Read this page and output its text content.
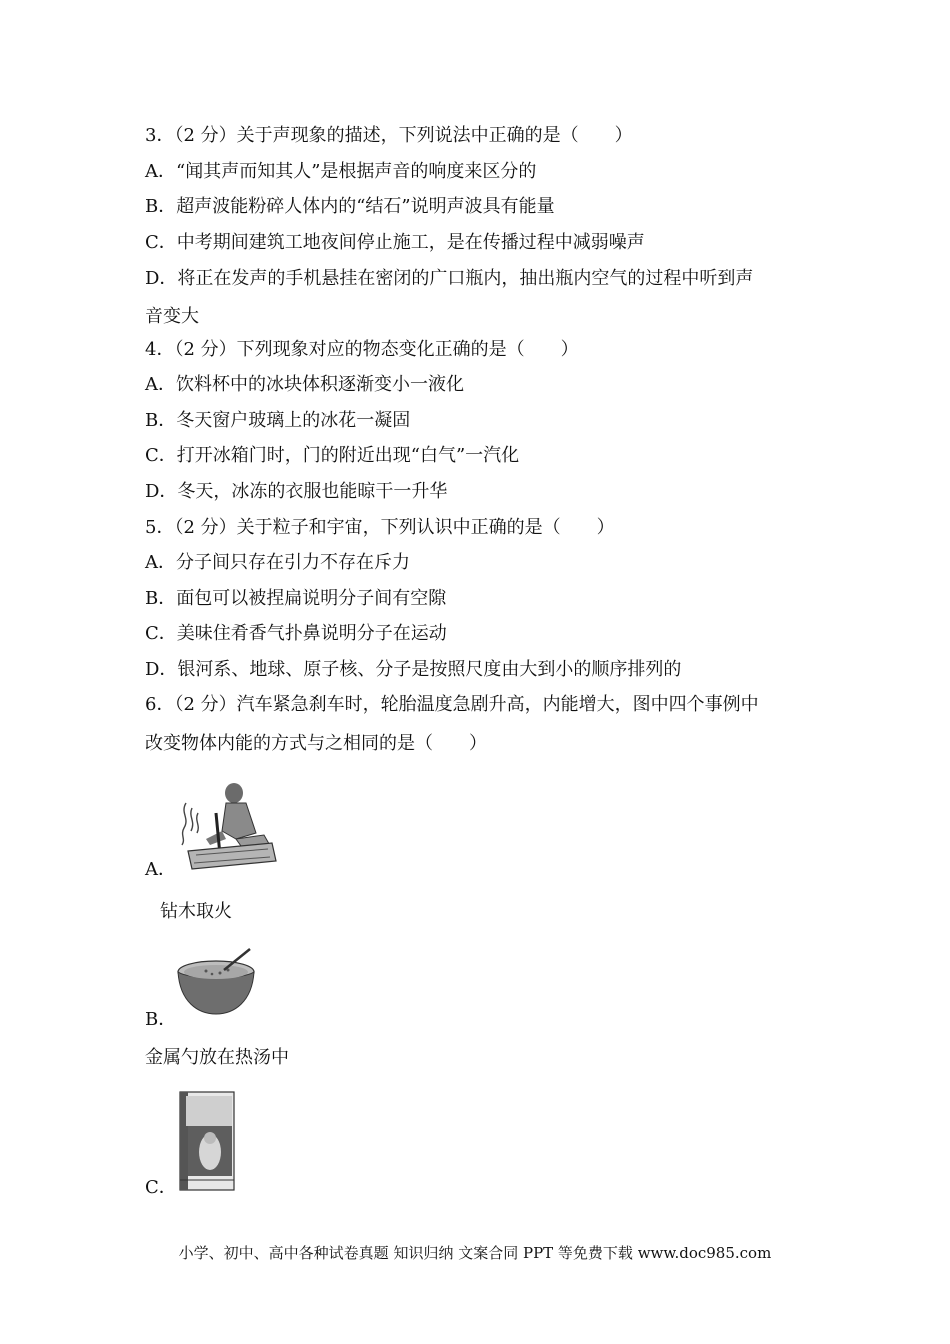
3．（2 分）关于声现象的描述，下列说法中正确的是（　　）
A．“闻其声而知其人”是根据声音的响度来区分的
B．超声波能粉碎人体内的“结石”说明声波具有能量
C．中考期间建筑工地夜间停止施工，是在传播过程中减弱噪声
D．将正在发声的手机悬挂在密闭的广口瓶内，抽出瓶内空气的过程中听到声
音变大
4．（2 分）下列现象对应的物态变化正确的是（　　）
A．饮料杯中的冰块体积逐渐变小一液化
B．冬天窗户玻璃上的冰花一凝固
C．打开冰箱门时，门的附近出现“白气”一汽化
D．冬天，冰冻的衣服也能晾干一升华
5．（2 分）关于粒子和宇宙，下列认识中正确的是（　　）
A．分子间只存在引力不存在斥力
B．面包可以被捏扁说明分子间有空隙
C．美味住肴香气扑鼻说明分子在运动
D．银河系、地球、原子核、分子是按照尺度由大到小的顺序排列的
6．（2 分）汽车紧急刹车时，轮胎温度急剧升高，内能增大，图中四个事例中
改变物体内能的方式与之相同的是（　　）
A．
钻木取火
B．
金属勺放在热汤中
C．
小学、初中、高中各种试卷真题 知识归纳 文案合同 PPT 等免费下载 www.doc985.com
